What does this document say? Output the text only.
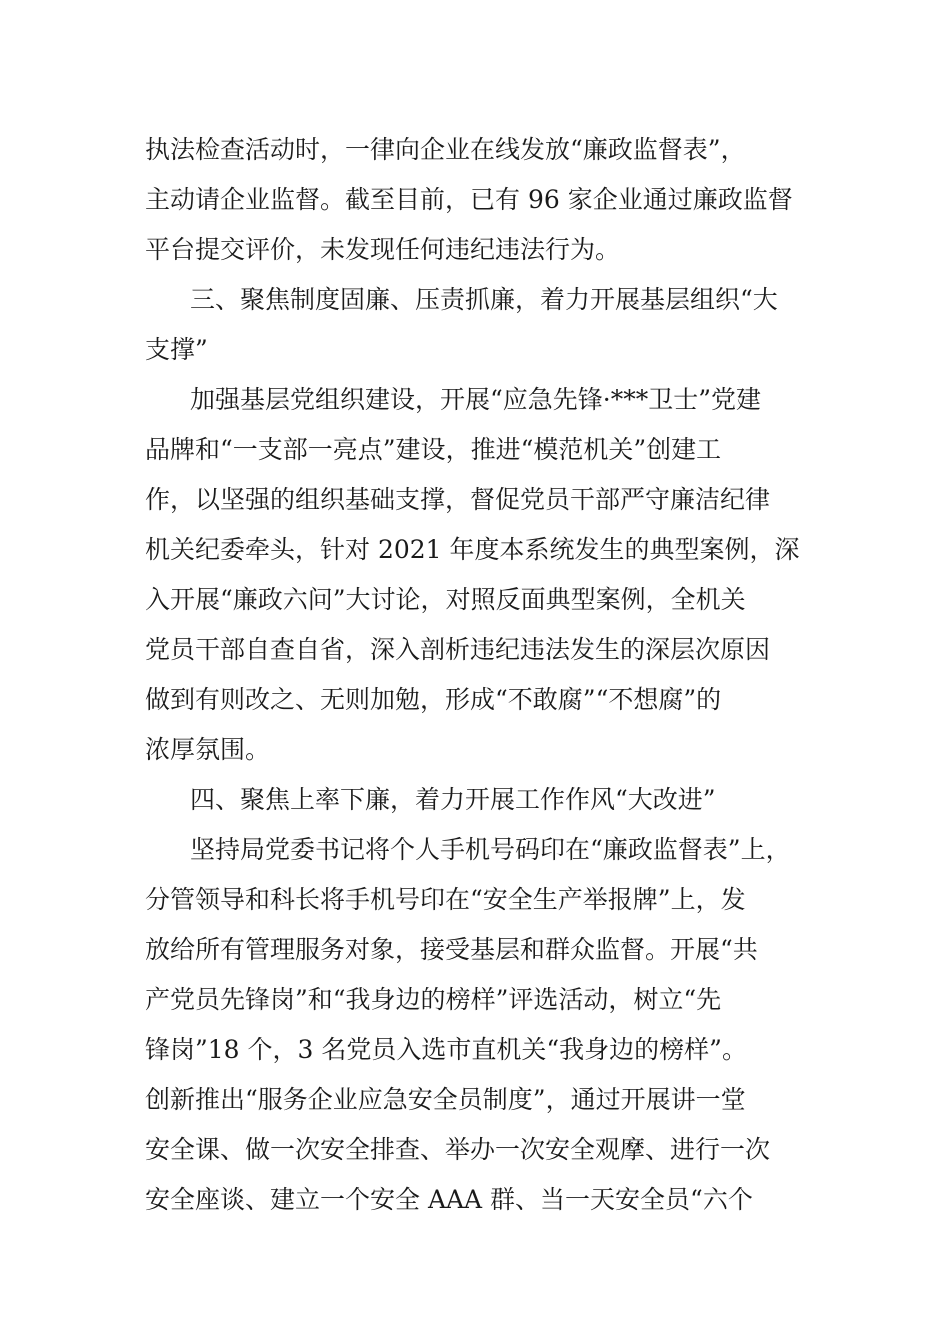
执法检查活动时，一律向企业在线发放“廉政监督表”，
主动请企业监督。截至目前，已有 96 家企业通过廉政监督
平台提交评价，未发现任何违纪违法行为。
三、聚焦制度固廉、压责抓廉，着力开展基层组织“大
支撑”
加强基层党组织建设，开展“应急先锋·***卫士”党建
品牌和“一支部一亮点”建设，推进“模范机关”创建工
作，以坚强的组织基础支撑，督促党员干部严守廉洁纪律
机关纪委牵头，针对 2021 年度本系统发生的典型案例，深
入开展“廉政六问”大讨论，对照反面典型案例，全机关
党员干部自查自省，深入剖析违纪违法发生的深层次原因
做到有则改之、无则加勉，形成“不敢腐”“不想腐”的
浓厚氛围。
四、聚焦上率下廉，着力开展工作作风“大改进”
坚持局党委书记将个人手机号码印在“廉政监督表”上，
分管领导和科长将手机号印在“安全生产举报牌”上，发
放给所有管理服务对象，接受基层和群众监督。开展“共
产党员先锋岗”和“我身边的榜样”评选活动，树立“先
锋岗”18 个，3 名党员入选市直机关“我身边的榜样”。
创新推出“服务企业应急安全员制度”，通过开展讲一堂
安全课、做一次安全排查、举办一次安全观摩、进行一次
安全座谈、建立一个安全 AAA 群、当一天安全员“六个
